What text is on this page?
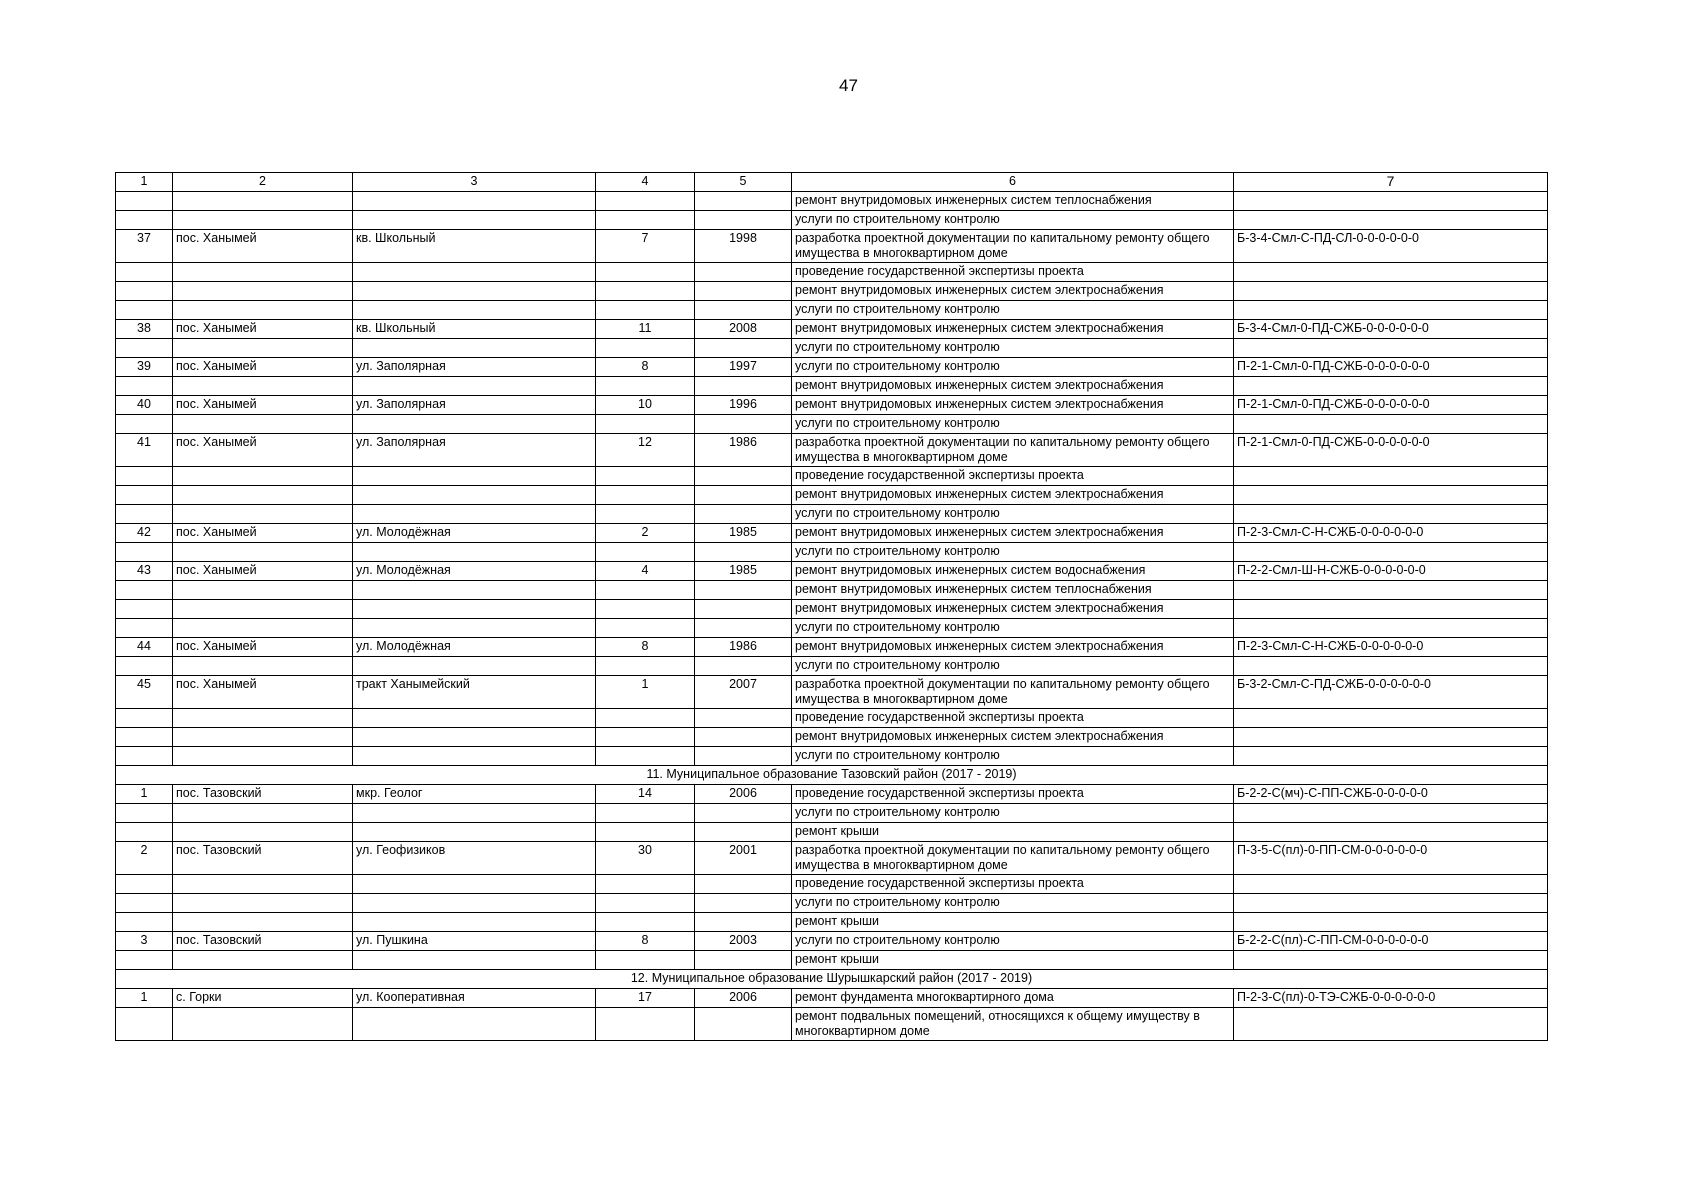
47
1	2	3	4	5	6	7
					ремонт внутридомовых инженерных систем теплоснабжения	
					услуги по строительному контролю	
37	пос. Ханымей	кв. Школьный	7	1998	разработка проектной документации по капитальному ремонту общего имущества в многоквартирном доме	Б-3-4-Смл-С-ПД-СЛ-0-0-0-0-0-0
					проведение государственной экспертизы проекта	
					ремонт внутридомовых инженерных систем электроснабжения	
					услуги по строительному контролю	
38	пос. Ханымей	кв. Школьный	11	2008	ремонт внутридомовых инженерных систем электроснабжения	Б-3-4-Смл-0-ПД-СЖБ-0-0-0-0-0-0
					услуги по строительному контролю	
39	пос. Ханымей	ул. Заполярная	8	1997	услуги по строительному контролю	П-2-1-Смл-0-ПД-СЖБ-0-0-0-0-0-0
					ремонт внутридомовых инженерных систем электроснабжения	
40	пос. Ханымей	ул. Заполярная	10	1996	ремонт внутридомовых инженерных систем электроснабжения	П-2-1-Смл-0-ПД-СЖБ-0-0-0-0-0-0
					услуги по строительному контролю	
41	пос. Ханымей	ул. Заполярная	12	1986	разработка проектной документации по капитальному ремонту общего имущества в многоквартирном доме	П-2-1-Смл-0-ПД-СЖБ-0-0-0-0-0-0
					проведение государственной экспертизы проекта	
					ремонт внутридомовых инженерных систем электроснабжения	
					услуги по строительному контролю	
42	пос. Ханымей	ул. Молодёжная	2	1985	ремонт внутридомовых инженерных систем электроснабжения	П-2-3-Смл-С-Н-СЖБ-0-0-0-0-0-0
					услуги по строительному контролю	
43	пос. Ханымей	ул. Молодёжная	4	1985	ремонт внутридомовых инженерных систем водоснабжения	П-2-2-Смл-Ш-Н-СЖБ-0-0-0-0-0-0
					ремонт внутридомовых инженерных систем теплоснабжения	
					ремонт внутридомовых инженерных систем электроснабжения	
					услуги по строительному контролю	
44	пос. Ханымей	ул. Молодёжная	8	1986	ремонт внутридомовых инженерных систем электроснабжения	П-2-3-Смл-С-Н-СЖБ-0-0-0-0-0-0
					услуги по строительному контролю	
45	пос. Ханымей	тракт Ханымейский	1	2007	разработка проектной документации по капитальному ремонту общего имущества в многоквартирном доме	Б-3-2-Смл-С-ПД-СЖБ-0-0-0-0-0-0
					проведение государственной экспертизы проекта	
					ремонт внутридомовых инженерных систем электроснабжения	
					услуги по строительному контролю	
11. Муниципальное образование Тазовский район (2017 - 2019)						
1	пос. Тазовский	мкр. Геолог	14	2006	проведение государственной экспертизы проекта	Б-2-2-С(мч)-С-ПП-СЖБ-0-0-0-0-0
					услуги по строительному контролю	
					ремонт крыши	
2	пос. Тазовский	ул. Геофизиков	30	2001	разработка проектной документации по капитальному ремонту общего имущества в многоквартирном доме	П-3-5-С(пл)-0-ПП-СМ-0-0-0-0-0-0
					проведение государственной экспертизы проекта	
					услуги по строительному контролю	
					ремонт крыши	
3	пос. Тазовский	ул. Пушкина	8	2003	услуги по строительному контролю	Б-2-2-С(пл)-С-ПП-СМ-0-0-0-0-0-0
					ремонт крыши	
12. Муниципальное образование Шурышкарский район (2017 - 2019)						
1	с. Горки	ул. Кооперативная	17	2006	ремонт фундамента многоквартирного дома	П-2-3-С(пл)-0-ТЭ-СЖБ-0-0-0-0-0-0
					ремонт подвальных помещений, относящихся к общему имуществу в многоквартирном доме	
